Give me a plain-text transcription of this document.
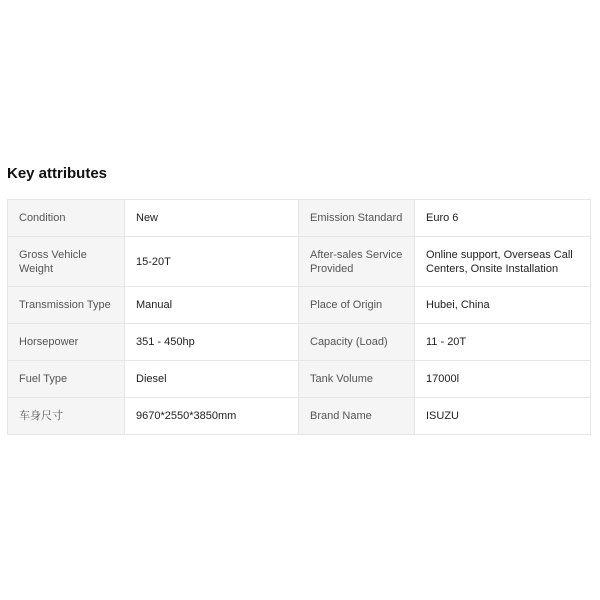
Key attributes
Condition	New	Emission Standard	Euro 6
Gross Vehicle Weight	15-20T	After-sales Service Provided	Online support, Overseas Call Centers, Onsite Installation
Transmission Type	Manual	Place of Origin	Hubei, China
Horsepower	351 - 450hp	Capacity (Load)	11 - 20T
Fuel Type	Diesel	Tank Volume	17000l
车身尺寸	9670*2550*3850mm	Brand Name	ISUZU
